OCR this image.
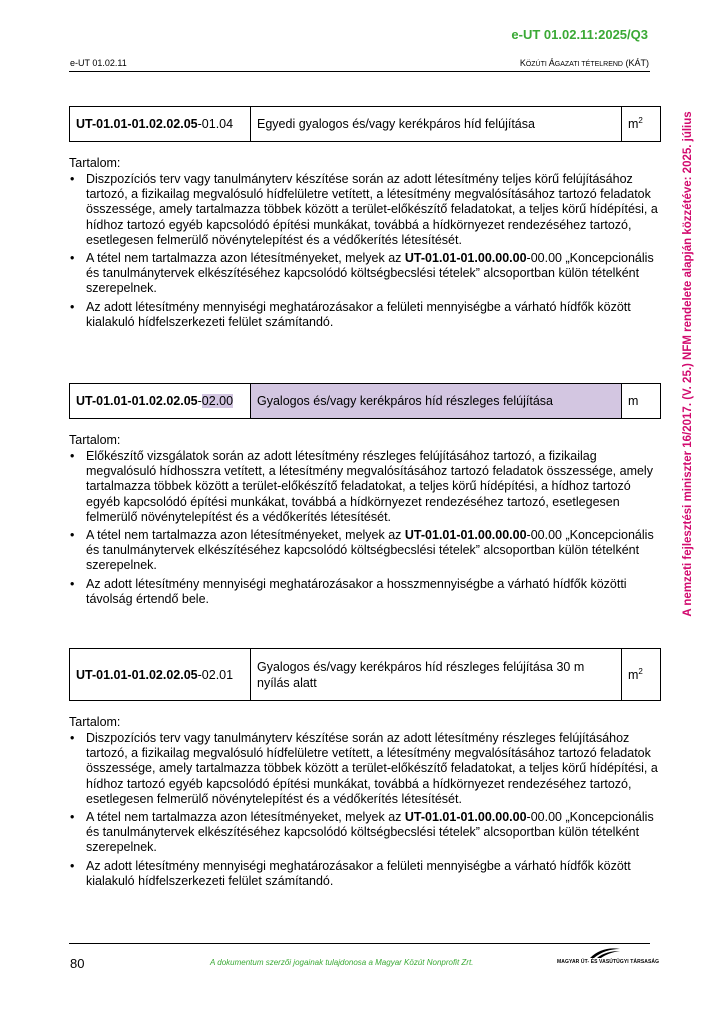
e-UT 01.02.11:2025/Q3
e-UT 01.02.11	KÖZÚTI ÁGAZATI TÉTELREND (KÁT)
A nemzeti fejlesztési miniszter 16/2017. (V. 25.) NFM rendelete alapján közzétéve: 2025. július
UT-01.01-01.02.02.05-01.04	Egyedi gyalogos és/vagy kerékpáros híd felújítása	$m^2$
Tartalom:
• Diszpozíciós terv vagy tanulmányterv készítése során az adott létesítmény teljes körű felújításához tartozó, a fizikailag megvalósuló hídfelületre vetített, a létesítmény megvalósításához tartozó feladatok összessége, amely tartalmazza többek között a terület-előkészítő feladatokat, a teljes körű hídépítési, a hídhoz tartozó egyéb kapcsolódó építési munkákat, továbbá a hídkörnyezet rendezéséhez tartozó, esetlegesen felmerülő növénytelepítést és a védőkerítés létesítését.
• A tétel nem tartalmazza azon létesítményeket, melyek az UT-01.01-01.00.00.00-00.00 „Koncepcionális és tanulmánytervek elkészítéséhez kapcsolódó költségbecslési tételek” alcsoportban külön tételként szerepelnek.
• Az adott létesítmény mennyiségi meghatározásakor a felületi mennyiségbe a várható hídfők között kialakuló hídfelszerkezeti felület számítandó.
UT-01.01-01.02.02.05-02.00	Gyalogos és/vagy kerékpáros híd részleges felújítása	m
Tartalom:
• Előkészítő vizsgálatok során az adott létesítmény részleges felújításához tartozó, a fizikailag megvalósuló hídhosszra vetített, a létesítmény megvalósításához tartozó feladatok összessége, amely tartalmazza többek között a terület-előkészítő feladatokat, a teljes körű hídépítési, a hídhoz tartozó egyéb kapcsolódó építési munkákat, továbbá a hídkörnyezet rendezéséhez tartozó, esetlegesen felmerülő növénytelepítést és a védőkerítés létesítését.
• A tétel nem tartalmazza azon létesítményeket, melyek az UT-01.01-01.00.00.00-00.00 „Koncepcionális és tanulmánytervek elkészítéséhez kapcsolódó költségbecslési tételek” alcsoportban külön tételként szerepelnek.
• Az adott létesítmény mennyiségi meghatározásakor a hosszmennyiségbe a várható hídfők közötti távolság értendő bele.
UT-01.01-01.02.02.05-02.01	Gyalogos és/vagy kerékpáros híd részleges felújítása 30 m nyílás alatt	$m^2$
Tartalom:
• Diszpozíciós terv vagy tanulmányterv készítése során az adott létesítmény részleges felújításához tartozó, a fizikailag megvalósuló hídfelületre vetített, a létesítmény megvalósításához tartozó feladatok összessége, amely tartalmazza többek között a terület-előkészítő feladatokat, a teljes körű hídépítési, a hídhoz tartozó egyéb kapcsolódó építési munkákat, továbbá a hídkörnyezet rendezéséhez tartozó, esetlegesen felmerülő növénytelepítést és a védőkerítés létesítését.
• A tétel nem tartalmazza azon létesítményeket, melyek az UT-01.01-01.00.00.00-00.00 „Koncepcionális és tanulmánytervek elkészítéséhez kapcsolódó költségbecslési tételek” alcsoportban külön tételként szerepelnek.
• Az adott létesítmény mennyiségi meghatározásakor a felületi mennyiségbe a várható hídfők között kialakuló hídfelszerkezeti felület számítandó.
80	A dokumentum szerzői jogainak tulajdonosa a Magyar Közút Nonprofit Zrt.	MAGYAR ÚT- ÉS VASÚTÜGYI TÁRSASÁG
